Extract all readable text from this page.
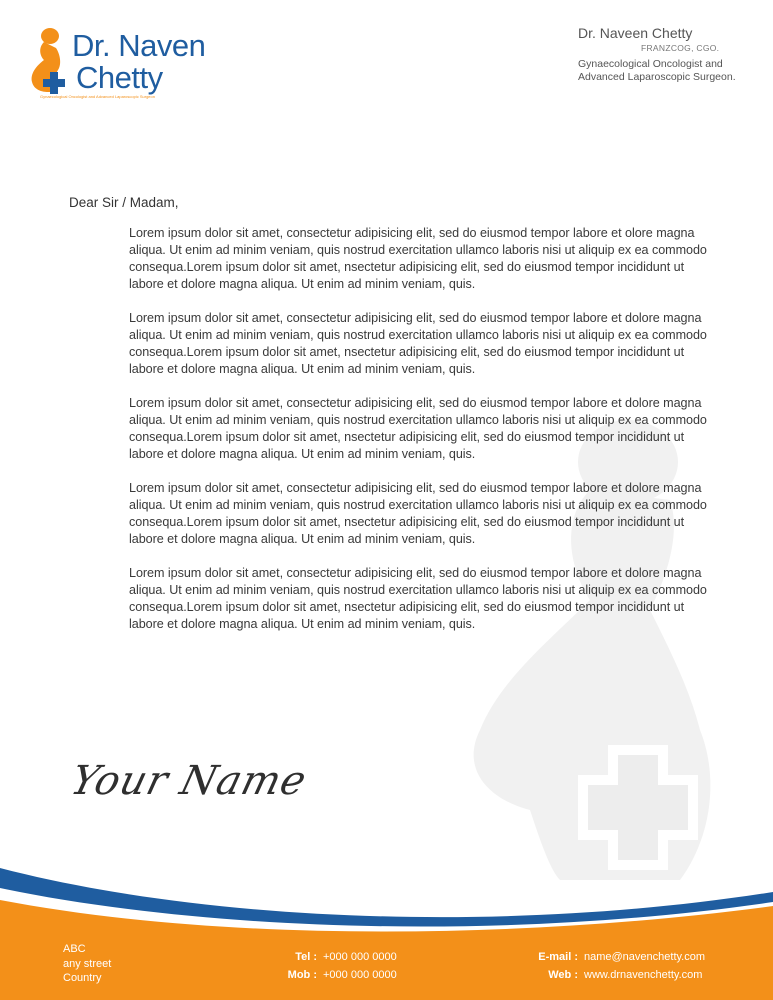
Dr. Naven
Chetty
Gynaecological Oncologist and Advanced Laparoscopic Surgeon
Dr. Naveen Chetty
FRANZCOG, CGO.
Gynaecological Oncologist and
Advanced Laparoscopic Surgeon.
Dear Sir / Madam,

Lorem ipsum dolor sit amet, consectetur adipisicing elit, sed do eiusmod tempor labore et olore magna aliqua. Ut enim ad minim veniam, quis nostrud exercitation ullamco laboris nisi ut aliquip ex ea commodo consequa.Lorem ipsum dolor sit amet, nsectetur adipisicing elit, sed do eiusmod tempor incididunt ut labore et dolore magna aliqua. Ut enim ad minim veniam, quis.

Lorem ipsum dolor sit amet, consectetur adipisicing elit, sed do eiusmod tempor labore et dolore magna aliqua. Ut enim ad minim veniam, quis nostrud exercitation ullamco laboris nisi ut aliquip ex ea commodo consequa.Lorem ipsum dolor sit amet, nsectetur adipisicing elit, sed do eiusmod tempor incididunt ut labore et dolore magna aliqua. Ut enim ad minim veniam, quis.

Lorem ipsum dolor sit amet, consectetur adipisicing elit, sed do eiusmod tempor labore et dolore magna aliqua. Ut enim ad minim veniam, quis nostrud exercitation ullamco laboris nisi ut aliquip ex ea commodo consequa.Lorem ipsum dolor sit amet, nsectetur adipisicing elit, sed do eiusmod tempor incididunt ut labore et dolore magna aliqua. Ut enim ad minim veniam, quis.

Lorem ipsum dolor sit amet, consectetur adipisicing elit, sed do eiusmod tempor labore et dolore magna aliqua. Ut enim ad minim veniam, quis nostrud exercitation ullamco laboris nisi ut aliquip ex ea commodo consequa.Lorem ipsum dolor sit amet, nsectetur adipisicing elit, sed do eiusmod tempor incididunt ut labore et dolore magna aliqua. Ut enim ad minim veniam, quis.

Lorem ipsum dolor sit amet, consectetur adipisicing elit, sed do eiusmod tempor labore et dolore magna aliqua. Ut enim ad minim veniam, quis nostrud exercitation ullamco laboris nisi ut aliquip ex ea commodo consequa.Lorem ipsum dolor sit amet, nsectetur adipisicing elit, sed do eiusmod tempor incididunt ut labore et dolore magna aliqua. Ut enim ad minim veniam, quis.

Your Name
ABC
any street
Country
Tel : +000 000 0000
Mob : +000 000 0000
E-mail : name@navenchetty.com
Web : www.drnavenchetty.com
